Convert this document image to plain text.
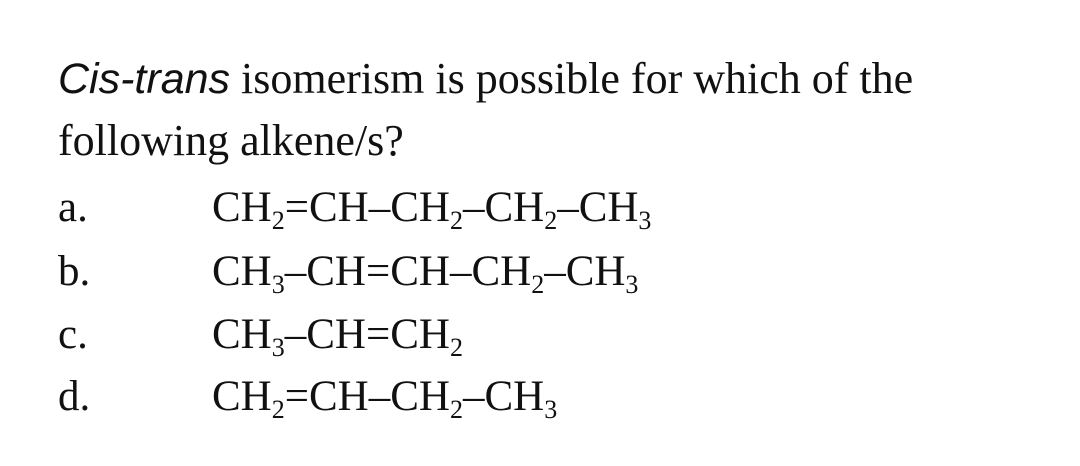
Cis-trans isomerism is possible for which of the
following alkene/s?
a.	$CH_2=CH-CH_2-CH_2-CH_3$
b.	$CH_3-CH=CH-CH_2-CH_3$
c.	$CH_3-CH=CH_2$
d.	$CH_2=CH-CH_2-CH_3$
